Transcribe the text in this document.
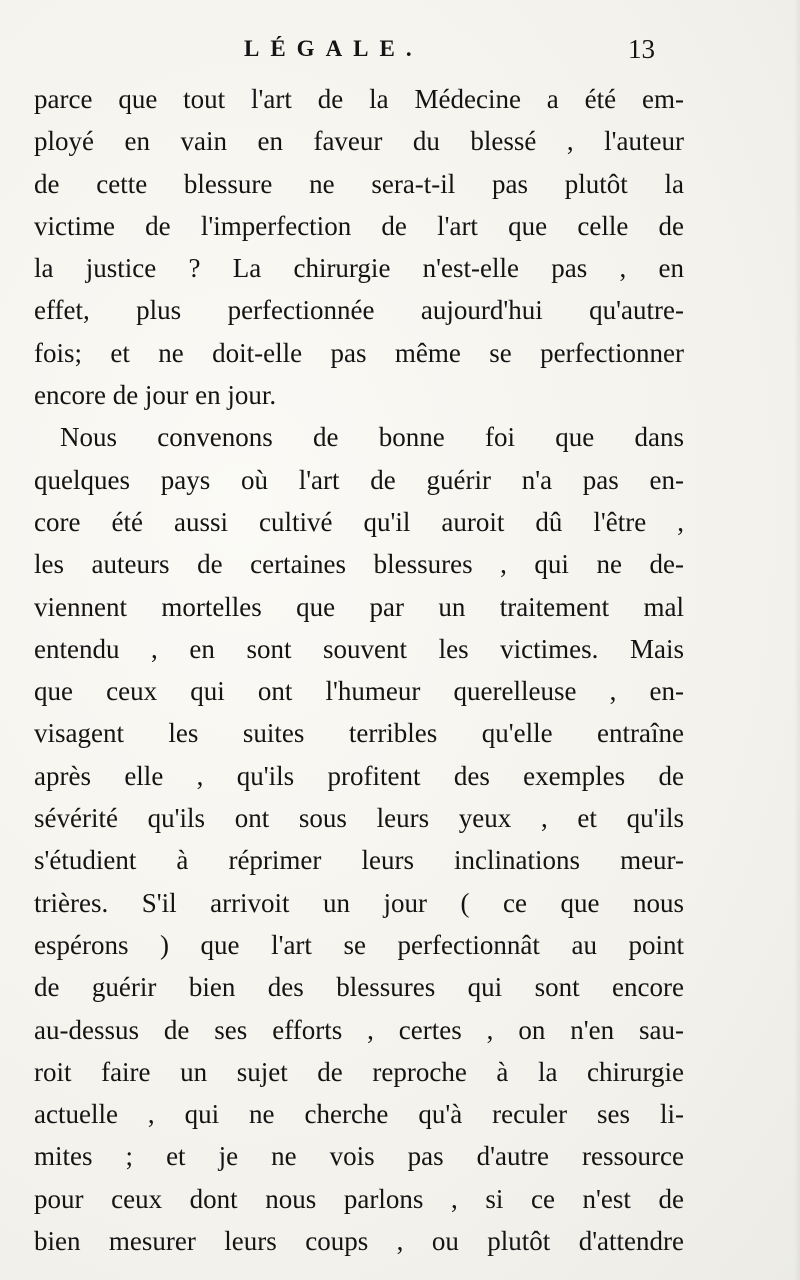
LÉGALE.	13
parce que tout l'art de la Médecine a été em-
ployé en vain en faveur du blessé , l'auteur
de cette blessure ne sera-t-il pas plutôt la
victime de l'imperfection de l'art que celle de
la justice ? La chirurgie n'est-elle pas , en
effet, plus perfectionnée aujourd'hui qu'autre-
fois; et ne doit-elle pas même se perfectionner
encore de jour en jour.
Nous convenons de bonne foi que dans
quelques pays où l'art de guérir n'a pas en-
core été aussi cultivé qu'il auroit dû l'être ,
les auteurs de certaines blessures , qui ne de-
viennent mortelles que par un traitement mal
entendu , en sont souvent les victimes. Mais
que ceux qui ont l'humeur querelleuse , en-
visagent les suites terribles qu'elle entraîne
après elle , qu'ils profitent des exemples de
sévérité qu'ils ont sous leurs yeux , et qu'ils
s'étudient à réprimer leurs inclinations meur-
trières. S'il arrivoit un jour ( ce que nous
espérons ) que l'art se perfectionnât au point
de guérir bien des blessures qui sont encore
au-dessus de ses efforts , certes , on n'en sau-
roit faire un sujet de reproche à la chirurgie
actuelle , qui ne cherche qu'à reculer ses li-
mites ; et je ne vois pas d'autre ressource
pour ceux dont nous parlons , si ce n'est de
bien mesurer leurs coups , ou plutôt d'attendre
